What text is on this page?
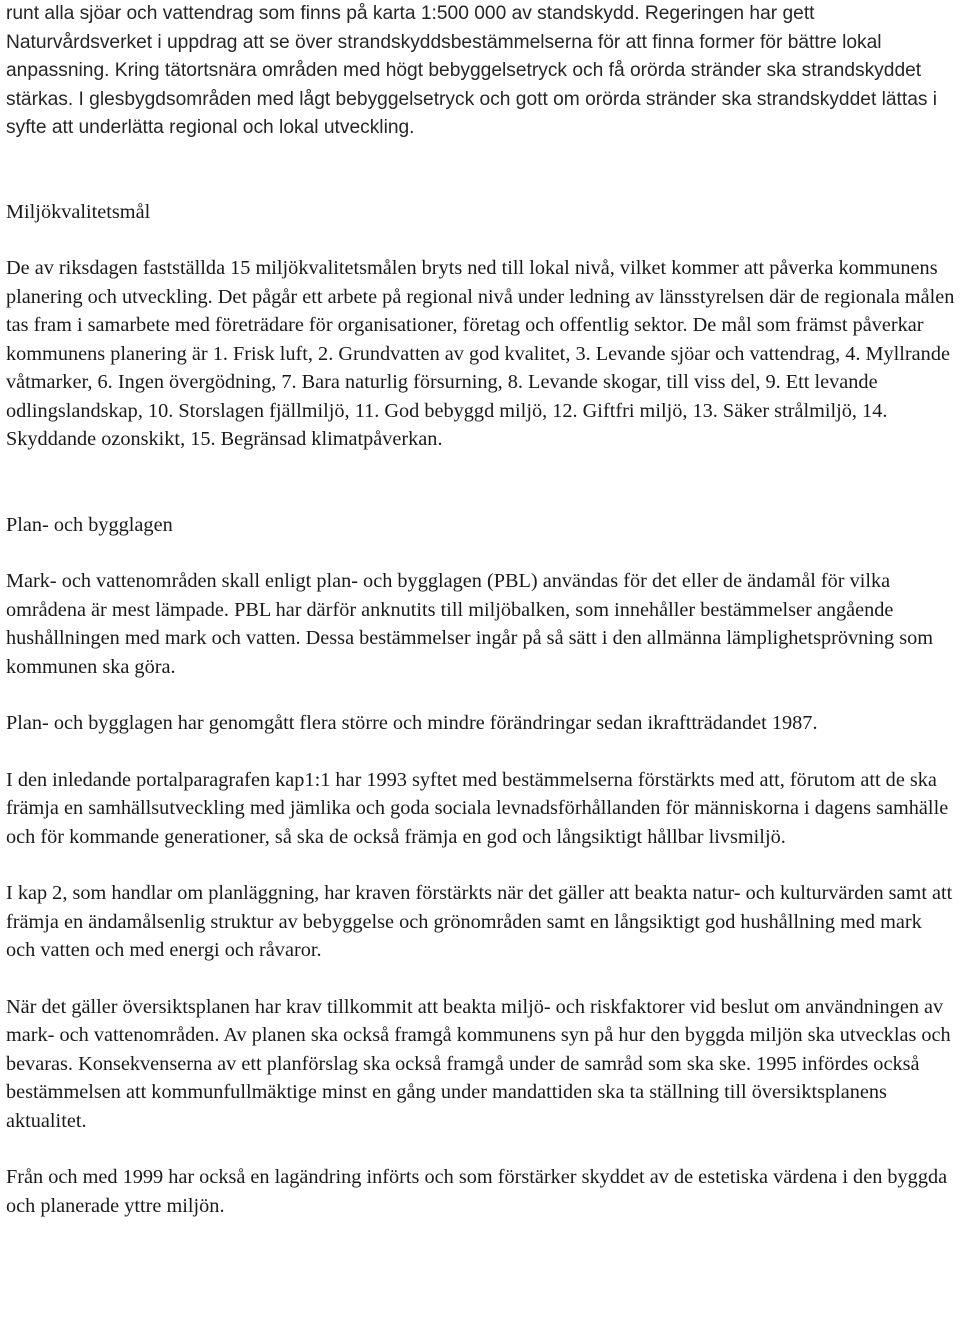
runt alla sjöar och vattendrag som finns på karta 1:500 000 av standskydd. Regeringen har gett Naturvårdsverket i uppdrag att se över strandskyddsbestämmelserna för att finna former för bättre lokal anpassning. Kring tätortsnära områden med högt bebyggelsetryck och få orörda stränder ska strandskyddet stärkas. I glesbygdsområden med lågt bebyggelsetryck och gott om orörda stränder ska strandskyddet lättas i syfte att underlätta regional och lokal utveckling.

Miljökvalitetsmål

De av riksdagen fastställda 15 miljökvalitetsmålen bryts ned till lokal nivå, vilket kommer att påverka kommunens planering och utveckling. Det pågår ett arbete på regional nivå under ledning av länsstyrelsen där de regionala målen tas fram i samarbete med företrädare för organisationer, företag och offentlig sektor. De mål som främst påverkar kommunens planering är 1. Frisk luft, 2. Grundvatten av god kvalitet, 3. Levande sjöar och vattendrag, 4. Myllrande våtmarker, 6. Ingen övergödning, 7. Bara naturlig försurning, 8. Levande skogar, till viss del, 9. Ett levande odlingslandskap, 10. Storslagen fjällmiljö, 11. God bebyggd miljö, 12. Giftfri miljö, 13. Säker strålmiljö, 14. Skyddande ozonskikt, 15. Begränsad klimatpåverkan.

Plan- och bygglagen

Mark- och vattenområden skall enligt plan- och bygglagen (PBL) användas för det eller de ändamål för vilka områdena är mest lämpade. PBL har därför anknutits till miljöbalken, som innehåller bestämmelser angående hushållningen med mark och vatten. Dessa bestämmelser ingår på så sätt i den allmänna lämplighetsprövning som kommunen ska göra.

Plan- och bygglagen har genomgått flera större och mindre förändringar sedan ikraftträdandet 1987.

I den inledande portalparagrafen kap1:1 har 1993 syftet med bestämmelserna förstärkts med att, förutom att de ska främja en samhällsutveckling med jämlika och goda sociala levnadsförhållanden för människorna i dagens samhälle och för kommande generationer, så ska de också främja en god och långsiktigt hållbar livsmiljö.

I kap 2, som handlar om planläggning, har kraven förstärkts när det gäller att beakta natur- och kulturvärden samt att främja en ändamålsenlig struktur av bebyggelse och grönområden samt en långsiktigt god hushållning med mark och vatten och med energi och råvaror.

När det gäller översiktsplanen har krav tillkommit att beakta miljö- och riskfaktorer vid beslut om användningen av mark- och vattenområden. Av planen ska också framgå kommunens syn på hur den byggda miljön ska utvecklas och bevaras. Konsekvenserna av ett planförslag ska också framgå under de samråd som ska ske. 1995 infördes också bestämmelsen att kommunfullmäktige minst en gång under mandattiden ska ta ställning till översiktsplanens aktualitet.

Från och med 1999 har också en lagändring införts och som förstärker skyddet av de estetiska värdena i den byggda och planerade yttre miljön.
